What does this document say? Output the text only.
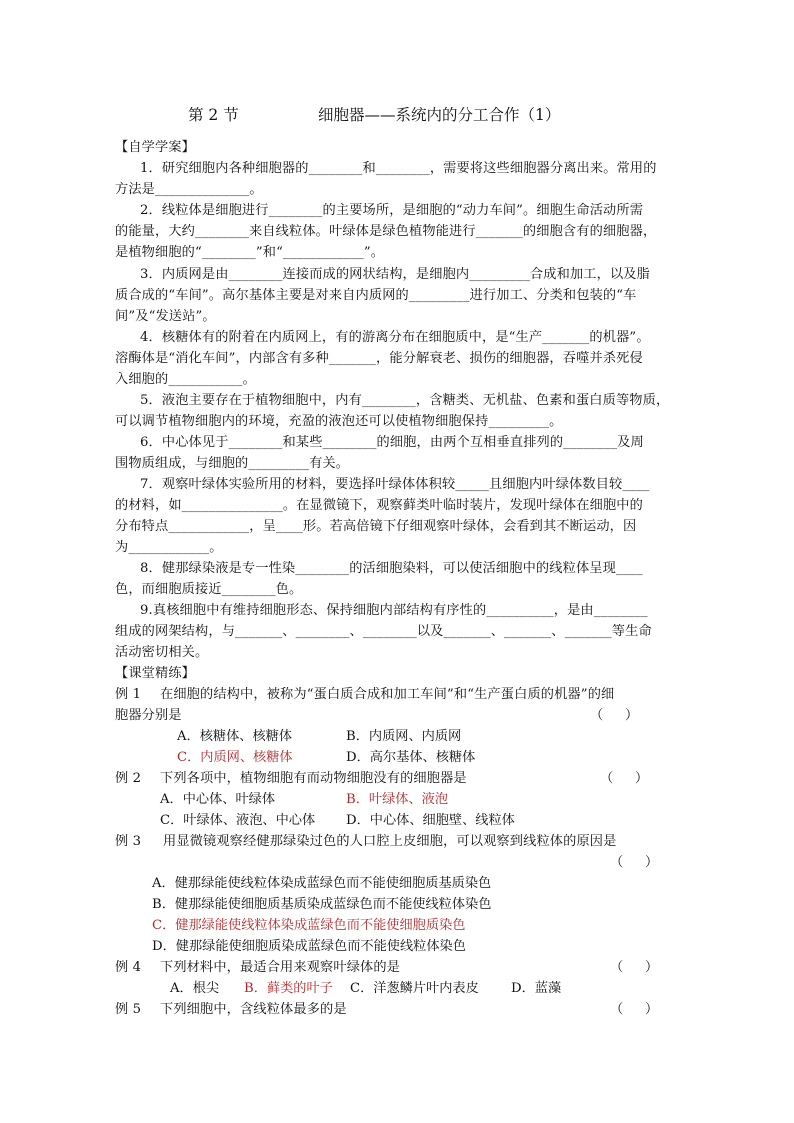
第 2 节	细胞器——系统内的分工合作（1）
【自学学案】
1．研究细胞内各种细胞器的________和________，需要将这些细胞器分离出来。常用的
方法是______________。
2．线粒体是细胞进行________的主要场所，是细胞的“动力车间”。细胞生命活动所需
的能量，大约________来自线粒体。叶绿体是绿色植物能进行_______的细胞含有的细胞器，
是植物细胞的“________”和“____________”。
3．内质网是由________连接而成的网状结构，是细胞内_________合成和加工，以及脂
质合成的“车间”。高尔基体主要是对来自内质网的_________进行加工、分类和包装的“车
间”及“发送站”。
4．核糖体有的附着在内质网上，有的游离分布在细胞质中，是“生产_______的机器”。
溶酶体是“消化车间”，内部含有多种_______，能分解衰老、损伤的细胞器，吞噬并杀死侵
入细胞的___________。
5．液泡主要存在于植物细胞中，内有________，含糖类、无机盐、色素和蛋白质等物质，
可以调节植物细胞内的环境，充盈的液泡还可以使植物细胞保持_________。
6．中心体见于________和某些________的细胞，由两个互相垂直排列的________及周
围物质组成，与细胞的_________有关。
7．观察叶绿体实验所用的材料，要选择叶绿体体积较_____且细胞内叶绿体数目较____
的材料，如_______________。在显微镜下，观察藓类叶临时装片，发现叶绿体在细胞中的
分布特点____________，呈____形。若高倍镜下仔细观察叶绿体，会看到其不断运动，因
为____________。
8．健那绿染液是专一性染________的活细胞染料，可以使活细胞中的线粒体呈现____
色，而细胞质接近________色。
9.真核细胞中有维持细胞形态、保持细胞内部结构有序性的__________，是由________
组成的网架结构，与_______、________、________以及_______、_______、_______等生命
活动密切相关。
【课堂精练】
例 1 在细胞的结构中，被称为“蛋白质合成和加工车间”和“生产蛋白质的机器”的细
胞器分别是	（     ）
A．核糖体、核糖体	B．内质网、内质网
C．内质网、核糖体	D．高尔基体、核糖体
例 2 下列各项中，植物细胞有而动物细胞没有的细胞器是	（     ）
A．中心体、叶绿体	B．叶绿体、液泡
C．叶绿体、液泡、中心体 D．中心体、细胞壁、线粒体
例 3 用显微镜观察经健那绿染过色的人口腔上皮细胞，可以观察到线粒体的原因是
（     ）
A．健那绿能使线粒体染成蓝绿色而不能使细胞质基质染色
B．健那绿能使细胞质基质染成蓝绿色而不能使线粒体染色
C．健那绿能使线粒体染成蓝绿色而不能使细胞质染色
D．健那绿能使细胞质染成蓝绿色而不能使线粒体染色
例 4 下列材料中，最适合用来观察叶绿体的是	（     ）
A．根尖 B．藓类的叶子 C．洋葱鳞片叶内表皮 D．蓝藻
例 5 下列细胞中，含线粒体最多的是	（     ）
